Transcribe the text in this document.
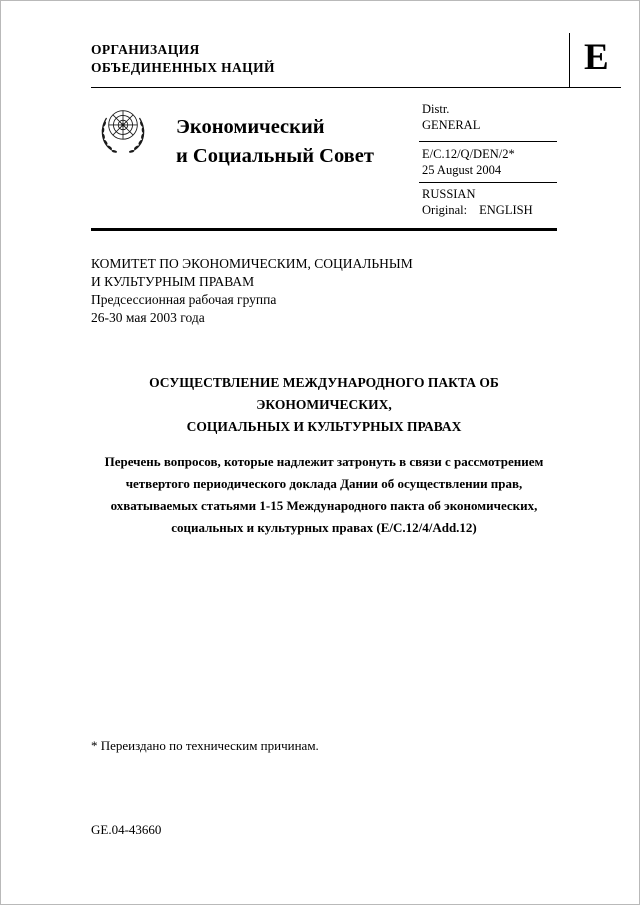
ОРГАНИЗАЦИЯ
ОБЪЕДИНЕННЫХ НАЦИЙ	E
Экономический
и Социальный Совет
Distr.
GENERAL
E/C.12/Q/DEN/2*
25 August 2004
RUSSIAN
Original: ENGLISH
КОМИТЕТ ПО ЭКОНОМИЧЕСКИМ, СОЦИАЛЬНЫМ
И КУЛЬТУРНЫМ ПРАВАМ
Предсессионная рабочая группа
26-30 мая 2003 года
ОСУЩЕСТВЛЕНИЕ МЕЖДУНАРОДНОГО ПАКТА ОБ ЭКОНОМИЧЕСКИХ,
СОЦИАЛЬНЫХ И КУЛЬТУРНЫХ ПРАВАХ
Перечень вопросов, которые надлежит затронуть в связи с рассмотрением
четвертого периодического доклада Дании об осуществлении прав,
охватываемых статьями 1-15 Международного пакта об экономических,
социальных и культурных правах (E/C.12/4/Add.12)
* Переиздано по техническим причинам.
GE.04-43660
